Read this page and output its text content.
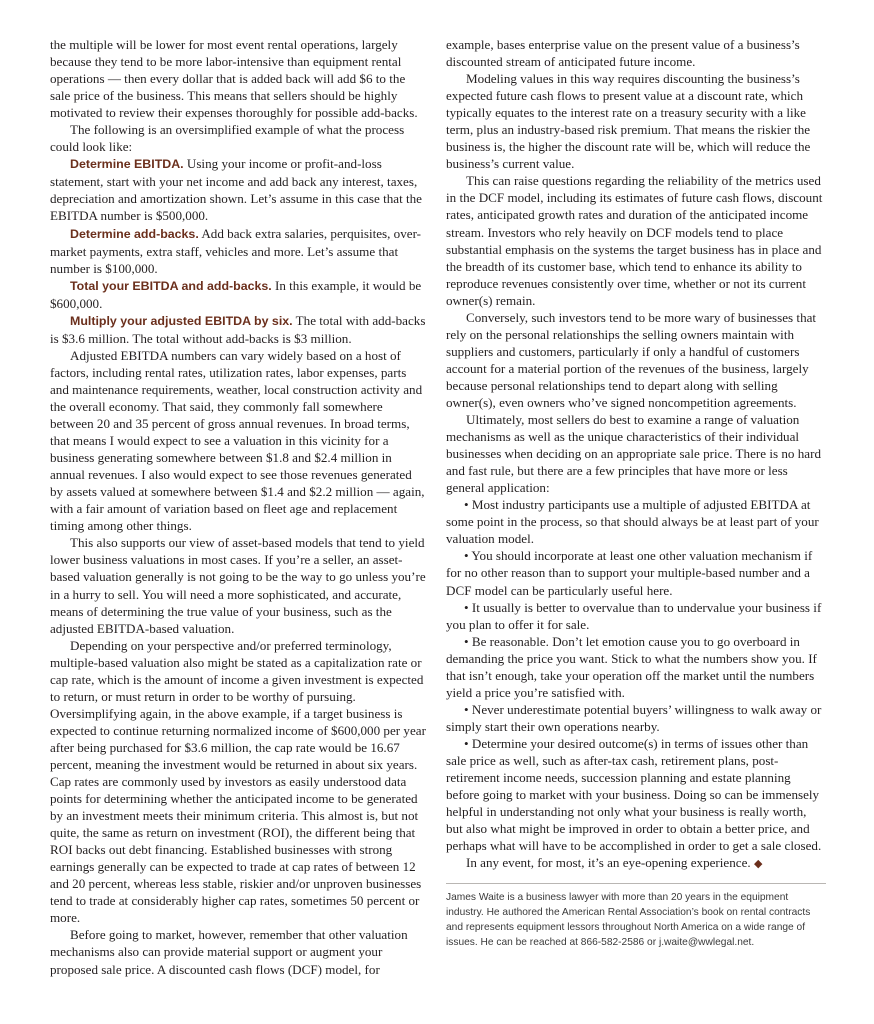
the multiple will be lower for most event rental operations, largely because they tend to be more labor-intensive than equipment rental operations — then every dollar that is added back will add $6 to the sale price of the business. This means that sellers should be highly motivated to review their expenses thoroughly for possible add-backs.

The following is an oversimplified example of what the process could look like:

Determine EBITDA. Using your income or profit-and-loss statement, start with your net income and add back any interest, taxes, depreciation and amortization shown. Let’s assume in this case that the EBITDA number is $500,000.

Determine add-backs. Add back extra salaries, perquisites, over-market payments, extra staff, vehicles and more. Let’s assume that number is $100,000.

Total your EBITDA and add-backs. In this example, it would be $600,000.

Multiply your adjusted EBITDA by six. The total with add-backs is $3.6 million. The total without add-backs is $3 million.

Adjusted EBITDA numbers can vary widely based on a host of factors, including rental rates, utilization rates, labor expenses, parts and maintenance requirements, weather, local construction activity and the overall economy. That said, they commonly fall somewhere between 20 and 35 percent of gross annual revenues. In broad terms, that means I would expect to see a valuation in this vicinity for a business generating somewhere between $1.8 and $2.4 million in annual revenues. I also would expect to see those revenues generated by assets valued at somewhere between $1.4 and $2.2 million — again, with a fair amount of variation based on fleet age and replacement timing among other things.

This also supports our view of asset-based models that tend to yield lower business valuations in most cases. If you’re a seller, an asset-based valuation generally is not going to be the way to go unless you’re in a hurry to sell. You will need a more sophisticated, and accurate, means of determining the true value of your business, such as the adjusted EBITDA-based valuation.

Depending on your perspective and/or preferred terminology, multiple-based valuation also might be stated as a capitalization rate or cap rate, which is the amount of income a given investment is expected to return, or must return in order to be worthy of pursuing. Oversimplifying again, in the above example, if a target business is expected to continue returning normalized income of $600,000 per year after being purchased for $3.6 million, the cap rate would be 16.67 percent, meaning the investment would be returned in about six years. Cap rates are commonly used by investors as easily understood data points for determining whether the anticipated income to be generated by an investment meets their minimum criteria. This almost is, but not quite, the same as return on investment (ROI), the different being that ROI backs out debt financing. Established businesses with strong earnings generally can be expected to trade at cap rates of between 12 and 20 percent, whereas less stable, riskier and/or unproven businesses tend to trade at considerably higher cap rates, sometimes 50 percent or more.

Before going to market, however, remember that other valuation mechanisms also can provide material support or augment your proposed sale price. A discounted cash flows (DCF) model, for

example, bases enterprise value on the present value of a business’s discounted stream of anticipated future income.

Modeling values in this way requires discounting the business’s expected future cash flows to present value at a discount rate, which typically equates to the interest rate on a treasury security with a like term, plus an industry-based risk premium. That means the riskier the business is, the higher the discount rate will be, which will reduce the business’s current value.

This can raise questions regarding the reliability of the metrics used in the DCF model, including its estimates of future cash flows, discount rates, anticipated growth rates and duration of the anticipated income stream. Investors who rely heavily on DCF models tend to place substantial emphasis on the systems the target business has in place and the breadth of its customer base, which tend to enhance its ability to reproduce revenues consistently over time, whether or not its current owner(s) remain.

Conversely, such investors tend to be more wary of businesses that rely on the personal relationships the selling owners maintain with suppliers and customers, particularly if only a handful of customers account for a material portion of the revenues of the business, largely because personal relationships tend to depart along with selling owner(s), even owners who’ve signed noncompetition agreements.

Ultimately, most sellers do best to examine a range of valuation mechanisms as well as the unique characteristics of their individual businesses when deciding on an appropriate sale price. There is no hard and fast rule, but there are a few principles that have more or less general application:

• Most industry participants use a multiple of adjusted EBITDA at some point in the process, so that should always be at least part of your valuation model.

• You should incorporate at least one other valuation mechanism if for no other reason than to support your multiple-based number and a DCF model can be particularly useful here.

• It usually is better to overvalue than to undervalue your business if you plan to offer it for sale.

• Be reasonable. Don’t let emotion cause you to go overboard in demanding the price you want. Stick to what the numbers show you. If that isn’t enough, take your operation off the market until the numbers yield a price you’re satisfied with.

• Never underestimate potential buyers’ willingness to walk away or simply start their own operations nearby.

• Determine your desired outcome(s) in terms of issues other than sale price as well, such as after-tax cash, retirement plans, post-retirement income needs, succession planning and estate planning before going to market with your business. Doing so can be immensely helpful in understanding not only what your business is really worth, but also what might be improved in order to obtain a better price, and perhaps what will have to be accomplished in order to get a sale closed.

In any event, for most, it’s an eye-opening experience. ◆

James Waite is a business lawyer with more than 20 years in the equipment industry. He authored the American Rental Association’s book on rental contracts and represents equipment lessors throughout North America on a wide range of issues. He can be reached at 866-582-2586 or j.waite@wwlegal.net.
